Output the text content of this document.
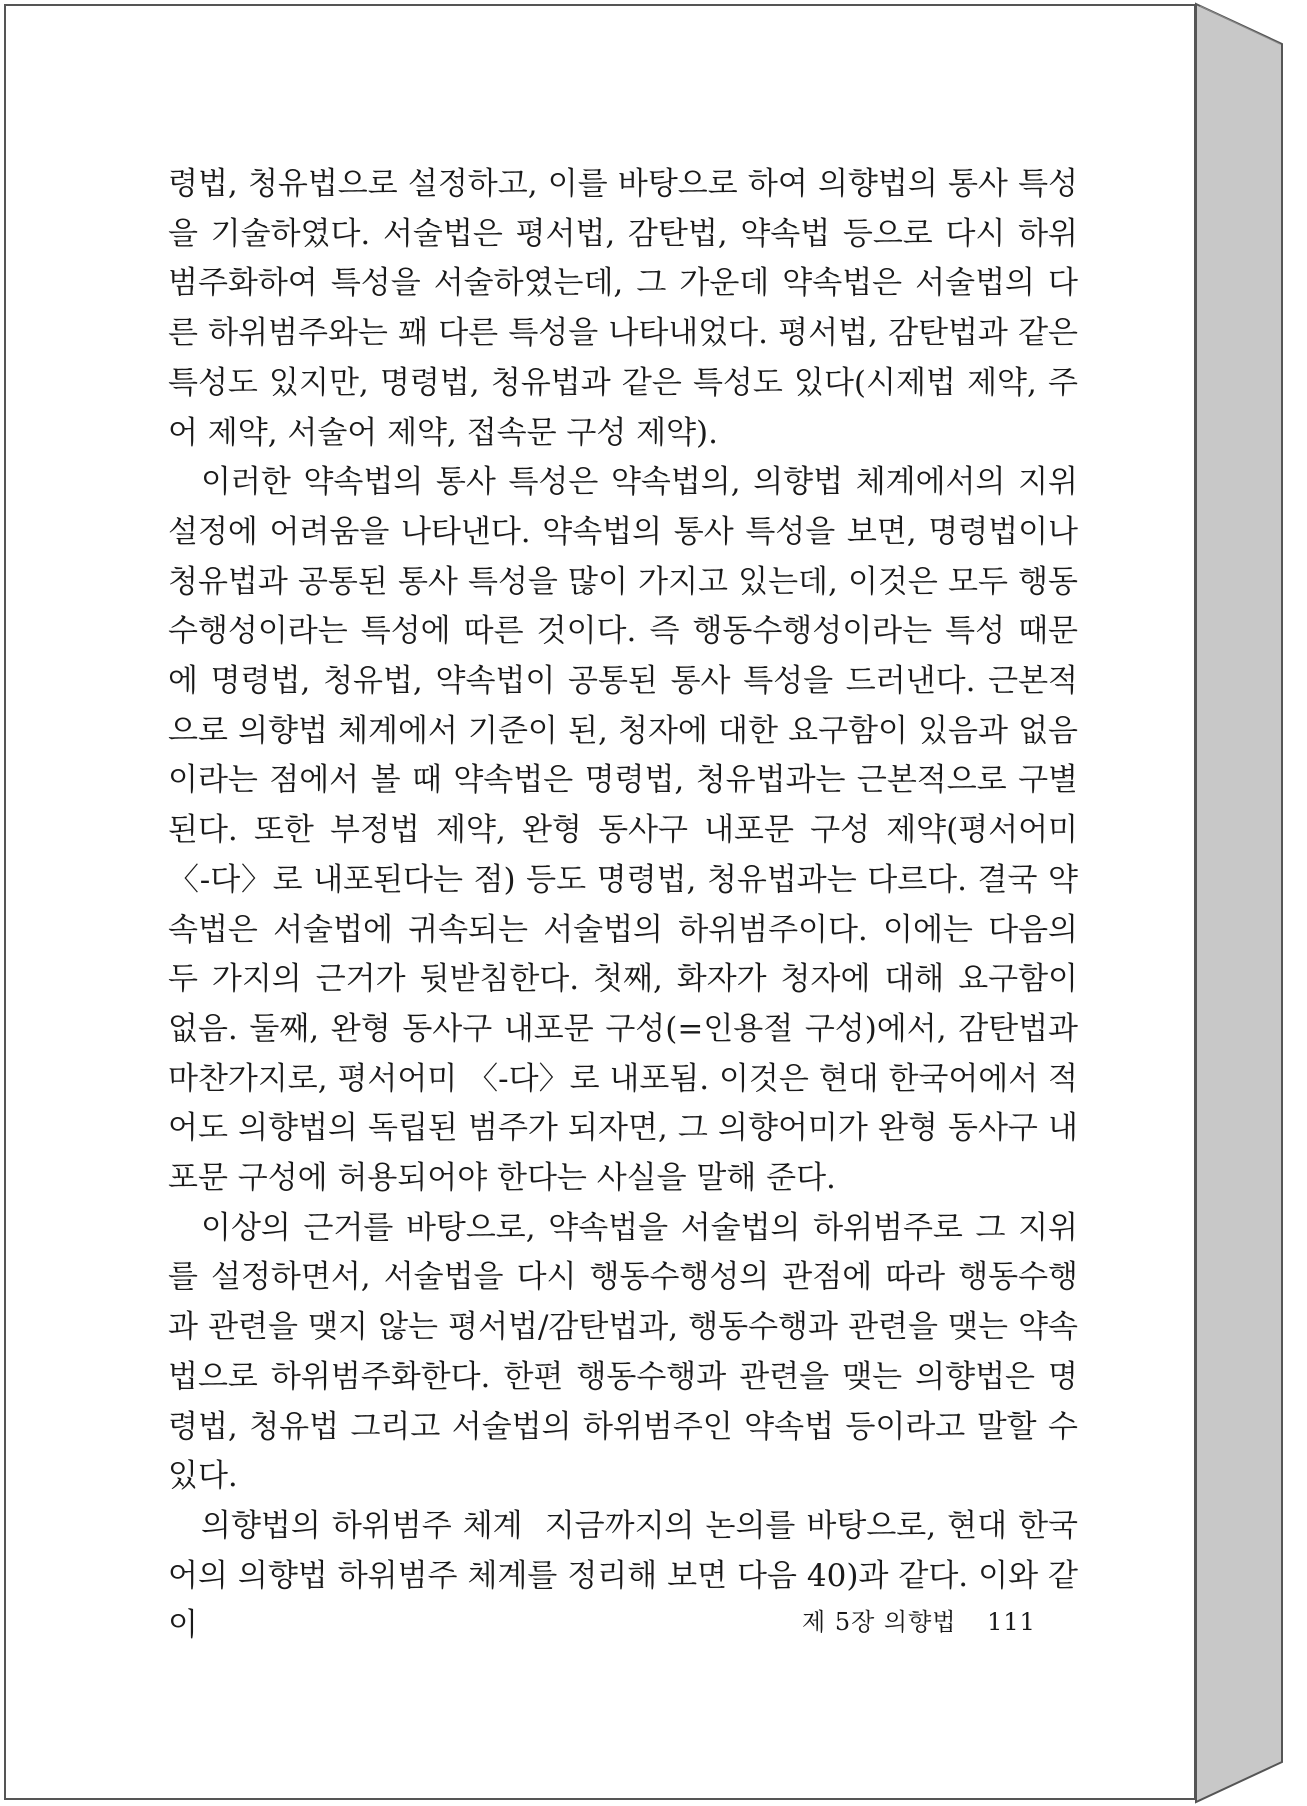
령법, 청유법으로 설정하고, 이를 바탕으로 하여 의향법의 통사 특성을 기술하였다. 서술법은 평서법, 감탄법, 약속법 등으로 다시 하위범주화하여 특성을 서술하였는데, 그 가운데 약속법은 서술법의 다른 하위범주와는 꽤 다른 특성을 나타내었다. 평서법, 감탄법과 같은 특성도 있지만, 명령법, 청유법과 같은 특성도 있다(시제법 제약, 주어 제약, 서술어 제약, 접속문 구성 제약).

이러한 약속법의 통사 특성은 약속법의, 의향법 체계에서의 지위 설정에 어려움을 나타낸다. 약속법의 통사 특성을 보면, 명령법이나 청유법과 공통된 통사 특성을 많이 가지고 있는데, 이것은 모두 행동수행성이라는 특성에 따른 것이다. 즉 행동수행성이라는 특성 때문에 명령법, 청유법, 약속법이 공통된 통사 특성을 드러낸다. 근본적으로 의향법 체계에서 기준이 된, 청자에 대한 요구함이 있음과 없음이라는 점에서 볼 때 약속법은 명령법, 청유법과는 근본적으로 구별된다. 또한 부정법 제약, 완형 동사구 내포문 구성 제약(평서어미 〈-다〉로 내포된다는 점) 등도 명령법, 청유법과는 다르다. 결국 약속법은 서술법에 귀속되는 서술법의 하위범주이다. 이에는 다음의 두 가지의 근거가 뒷받침한다. 첫째, 화자가 청자에 대해 요구함이 없음. 둘째, 완형 동사구 내포문 구성(=인용절 구성)에서, 감탄법과 마찬가지로, 평서어미 〈-다〉로 내포됨. 이것은 현대 한국어에서 적어도 의향법의 독립된 범주가 되자면, 그 의향어미가 완형 동사구 내포문 구성에 허용되어야 한다는 사실을 말해 준다.

이상의 근거를 바탕으로, 약속법을 서술법의 하위범주로 그 지위를 설정하면서, 서술법을 다시 행동수행성의 관점에 따라 행동수행과 관련을 맺지 않는 평서법/감탄법과, 행동수행과 관련을 맺는 약속법으로 하위범주화한다. 한편 행동수행과 관련을 맺는 의향법은 명령법, 청유법 그리고 서술법의 하위범주인 약속법 등이라고 말할 수 있다.

의향법의 하위범주 체계 지금까지의 논의를 바탕으로, 현대 한국어의 의향법 하위범주 체계를 정리해 보면 다음 40)과 같다. 이와 같이	제 5장 의향법 111
